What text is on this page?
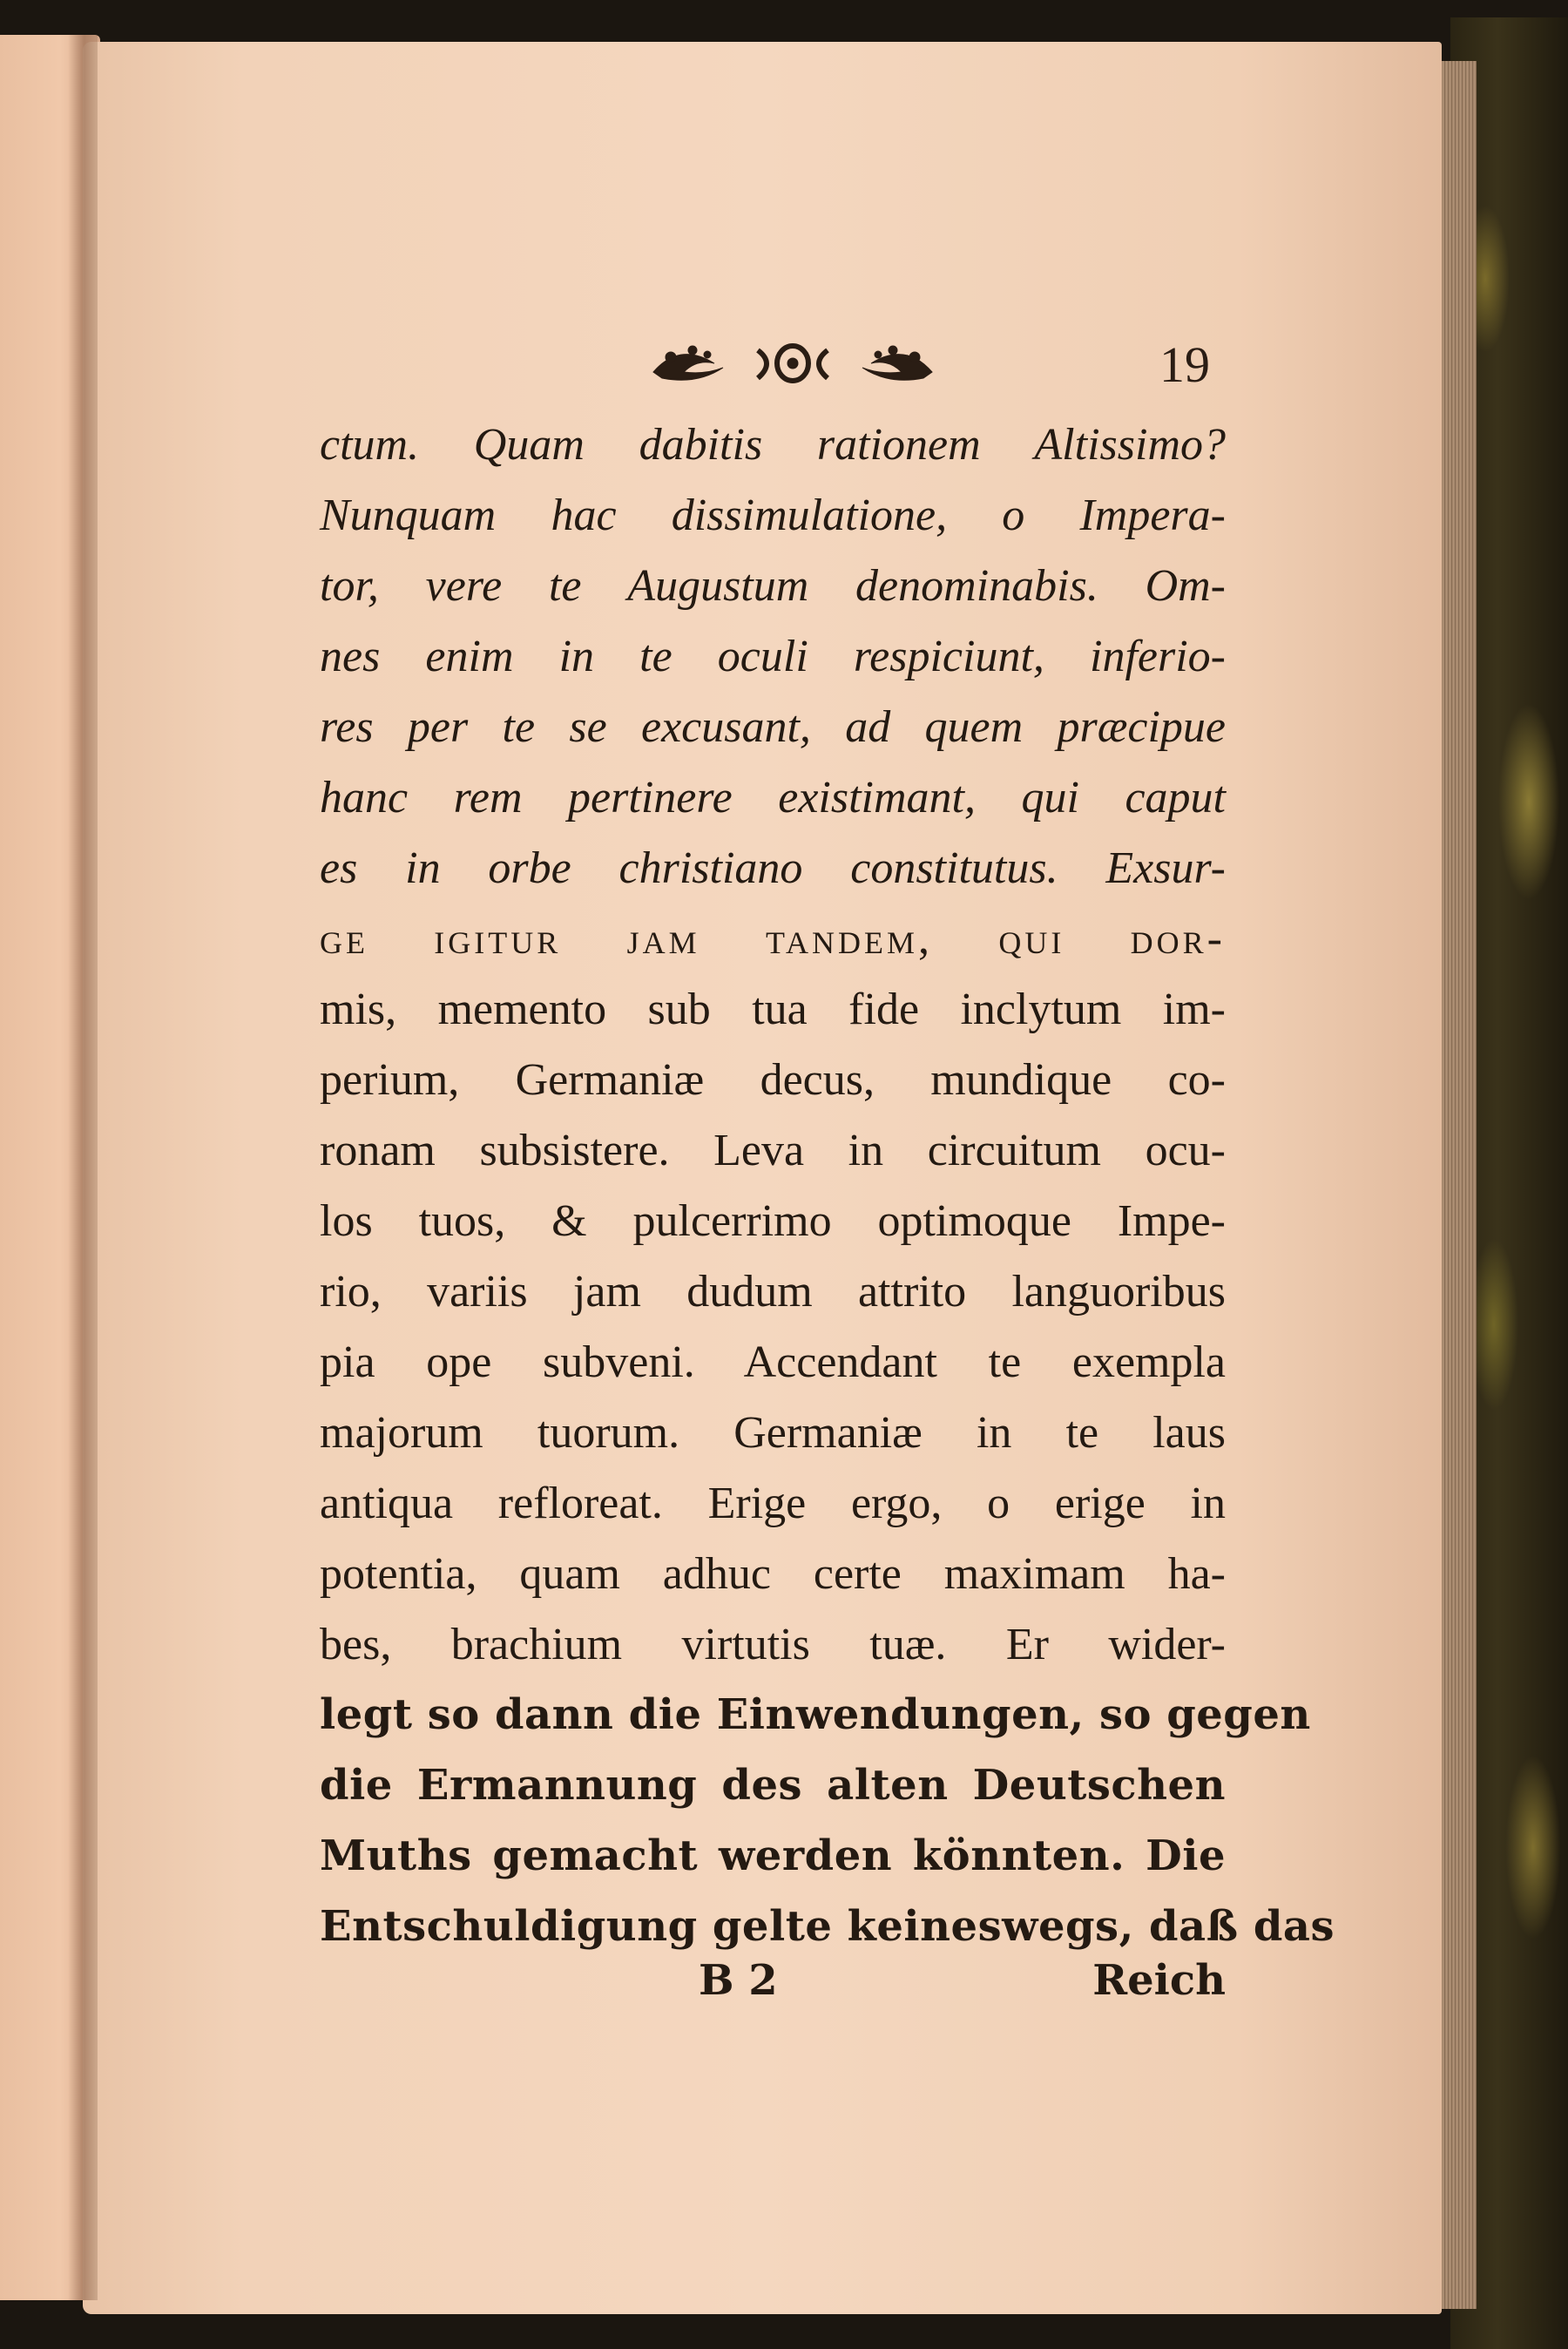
19

ctum. Quam dabitis rationem Altissimo?

Nunquam hac dissimulatione, o Impera-

tor, vere te Augustum denominabis. Om-

nes enim in te oculi respiciunt, inferio-

res per te se excusant, ad quem præcipue

hanc rem pertinere existimant, qui caput

es in orbe christiano constitutus. Exsur-

ge igitur jam tandem, qui dor-

mis, memento sub tua fide inclytum im-

perium, Germaniæ decus, mundique co-

ronam subsistere. Leva in circuitum ocu-

los tuos, & pulcerrimo optimoque Impe-

rio, variis jam dudum attrito languoribus

pia ope subveni. Accendant te exempla

majorum tuorum. Germaniæ in te laus

antiqua refloreat. Erige ergo, o erige in

potentia, quam adhuc certe maximam ha-

bes, brachium virtutis tuæ. Er wider-

legt so dann die Einwendungen, so gegen

die Ermannung des alten Deutschen

Muths gemacht werden könnten. Die

Entschuldigung gelte keineswegs, daß das

B 2	Reich
